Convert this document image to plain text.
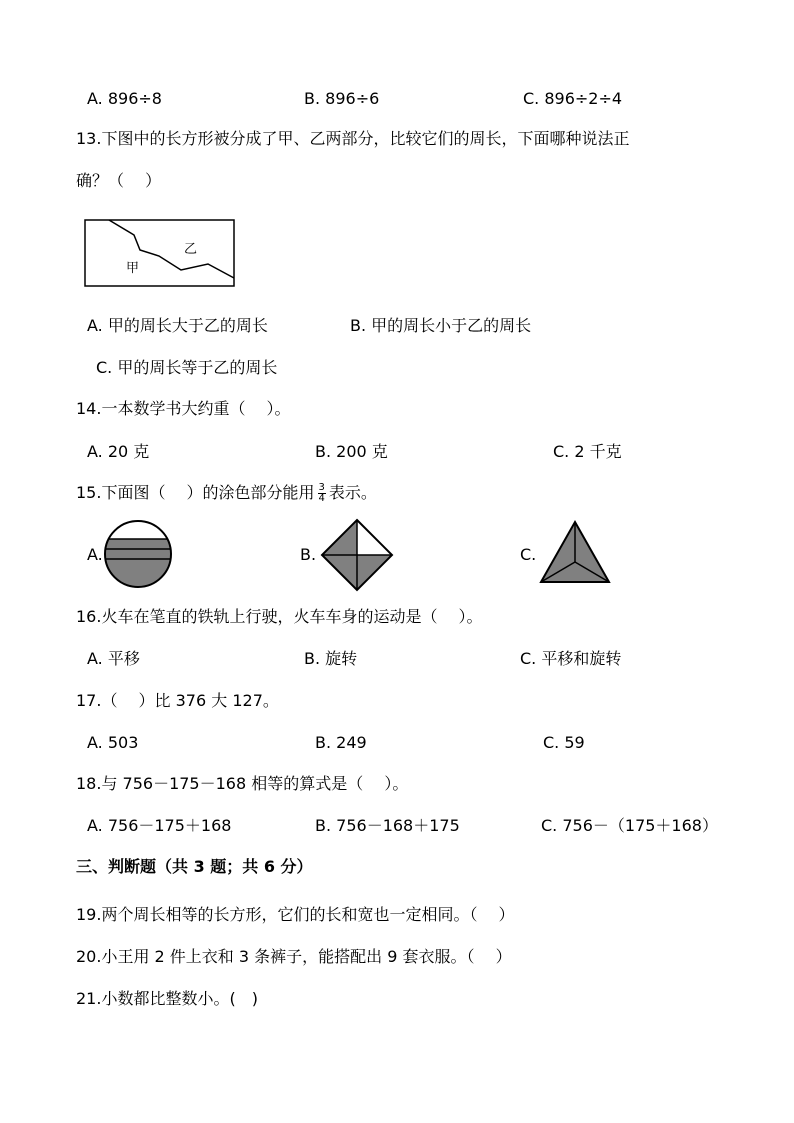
A. 896÷8	B. 896÷6	C. 896÷2÷4
13.下图中的长方形被分成了甲、乙两部分，比较它们的周长，下面哪种说法正
确？（　 ）
乙
甲
A. 甲的周长大于乙的周长	B. 甲的周长小于乙的周长
C. 甲的周长等于乙的周长
14.一本数学书大约重（　 ）。
A. 20 克	B. 200 克	C. 2 千克
15.下面图（　 ）的涂色部分能用 $\frac{3}{4}$ 表示。
A.	B.	C.
16.火车在笔直的铁轨上行驶，火车车身的运动是（　 ）。
A. 平移	B. 旋转	C. 平移和旋转
17.（　 ）比 376 大 127。
A. 503	B. 249	C. 59
18.与 756－175－168 相等的算式是（　 ）。
A. 756－175＋168	B. 756－168＋175	C. 756－（175＋168）
三、判断题（共 3 题；共 6 分）
19.两个周长相等的长方形，它们的长和宽也一定相同。（　 ）
20.小王用 2 件上衣和 3 条裤子，能搭配出 9 套衣服。（　 ）
21.小数都比整数小。(　)
